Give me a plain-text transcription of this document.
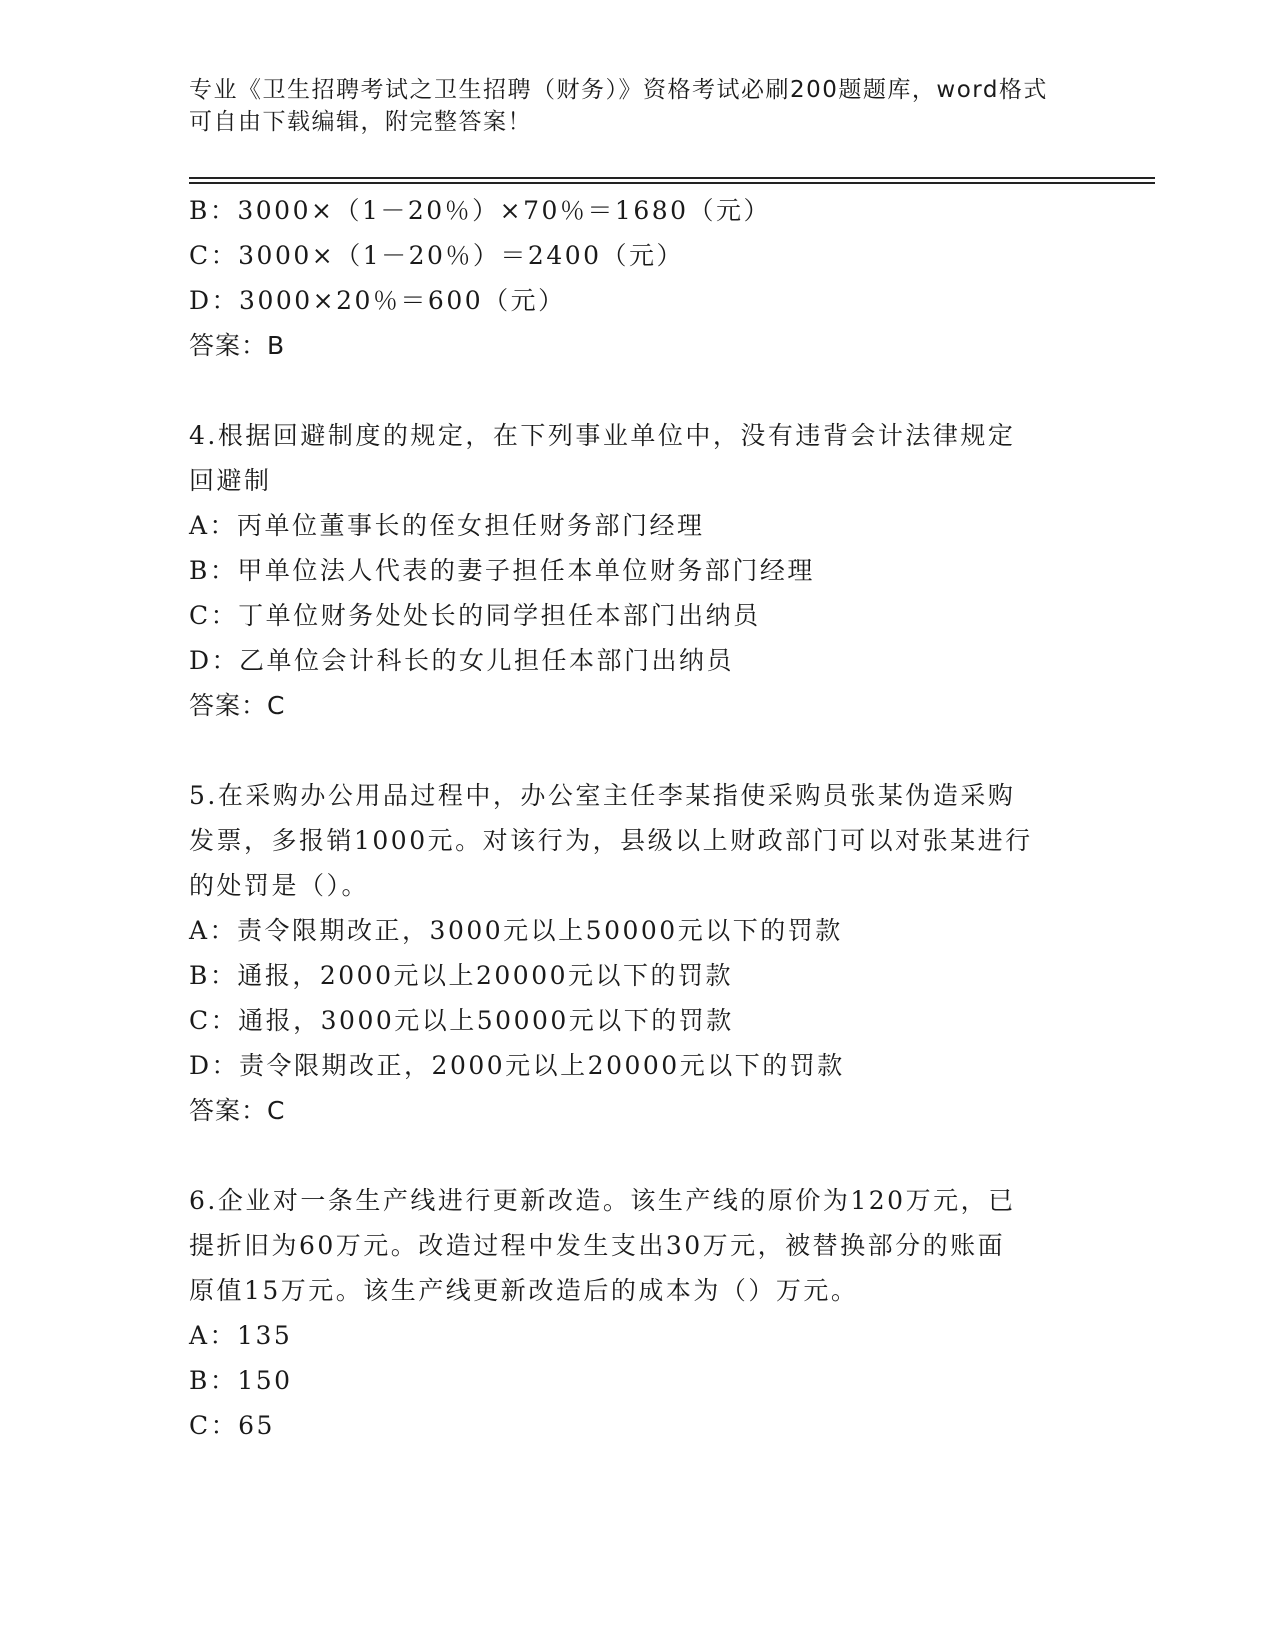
专业《卫生招聘考试之卫生招聘（财务）》资格考试必刷200题题库，word格式
可自由下载编辑，附完整答案！
B：3000×（1－20％）×70％＝1680（元）
C：3000×（1－20％）＝2400（元）
D：3000×20％＝600（元）
答案：B
4.根据回避制度的规定，在下列事业单位中，没有违背会计法律规定
回避制
A：丙单位董事长的侄女担任财务部门经理
B：甲单位法人代表的妻子担任本单位财务部门经理
C：丁单位财务处处长的同学担任本部门出纳员
D：乙单位会计科长的女儿担任本部门出纳员
答案：C
5.在采购办公用品过程中，办公室主任李某指使采购员张某伪造采购
发票，多报销1000元。对该行为，县级以上财政部门可以对张某进行
的处罚是（）。
A：责令限期改正，3000元以上50000元以下的罚款
B：通报，2000元以上20000元以下的罚款
C：通报，3000元以上50000元以下的罚款
D：责令限期改正，2000元以上20000元以下的罚款
答案：C
6.企业对一条生产线进行更新改造。该生产线的原价为120万元，已
提折旧为60万元。改造过程中发生支出30万元，被替换部分的账面
原值15万元。该生产线更新改造后的成本为（）万元。
A：135
B：150
C：65
